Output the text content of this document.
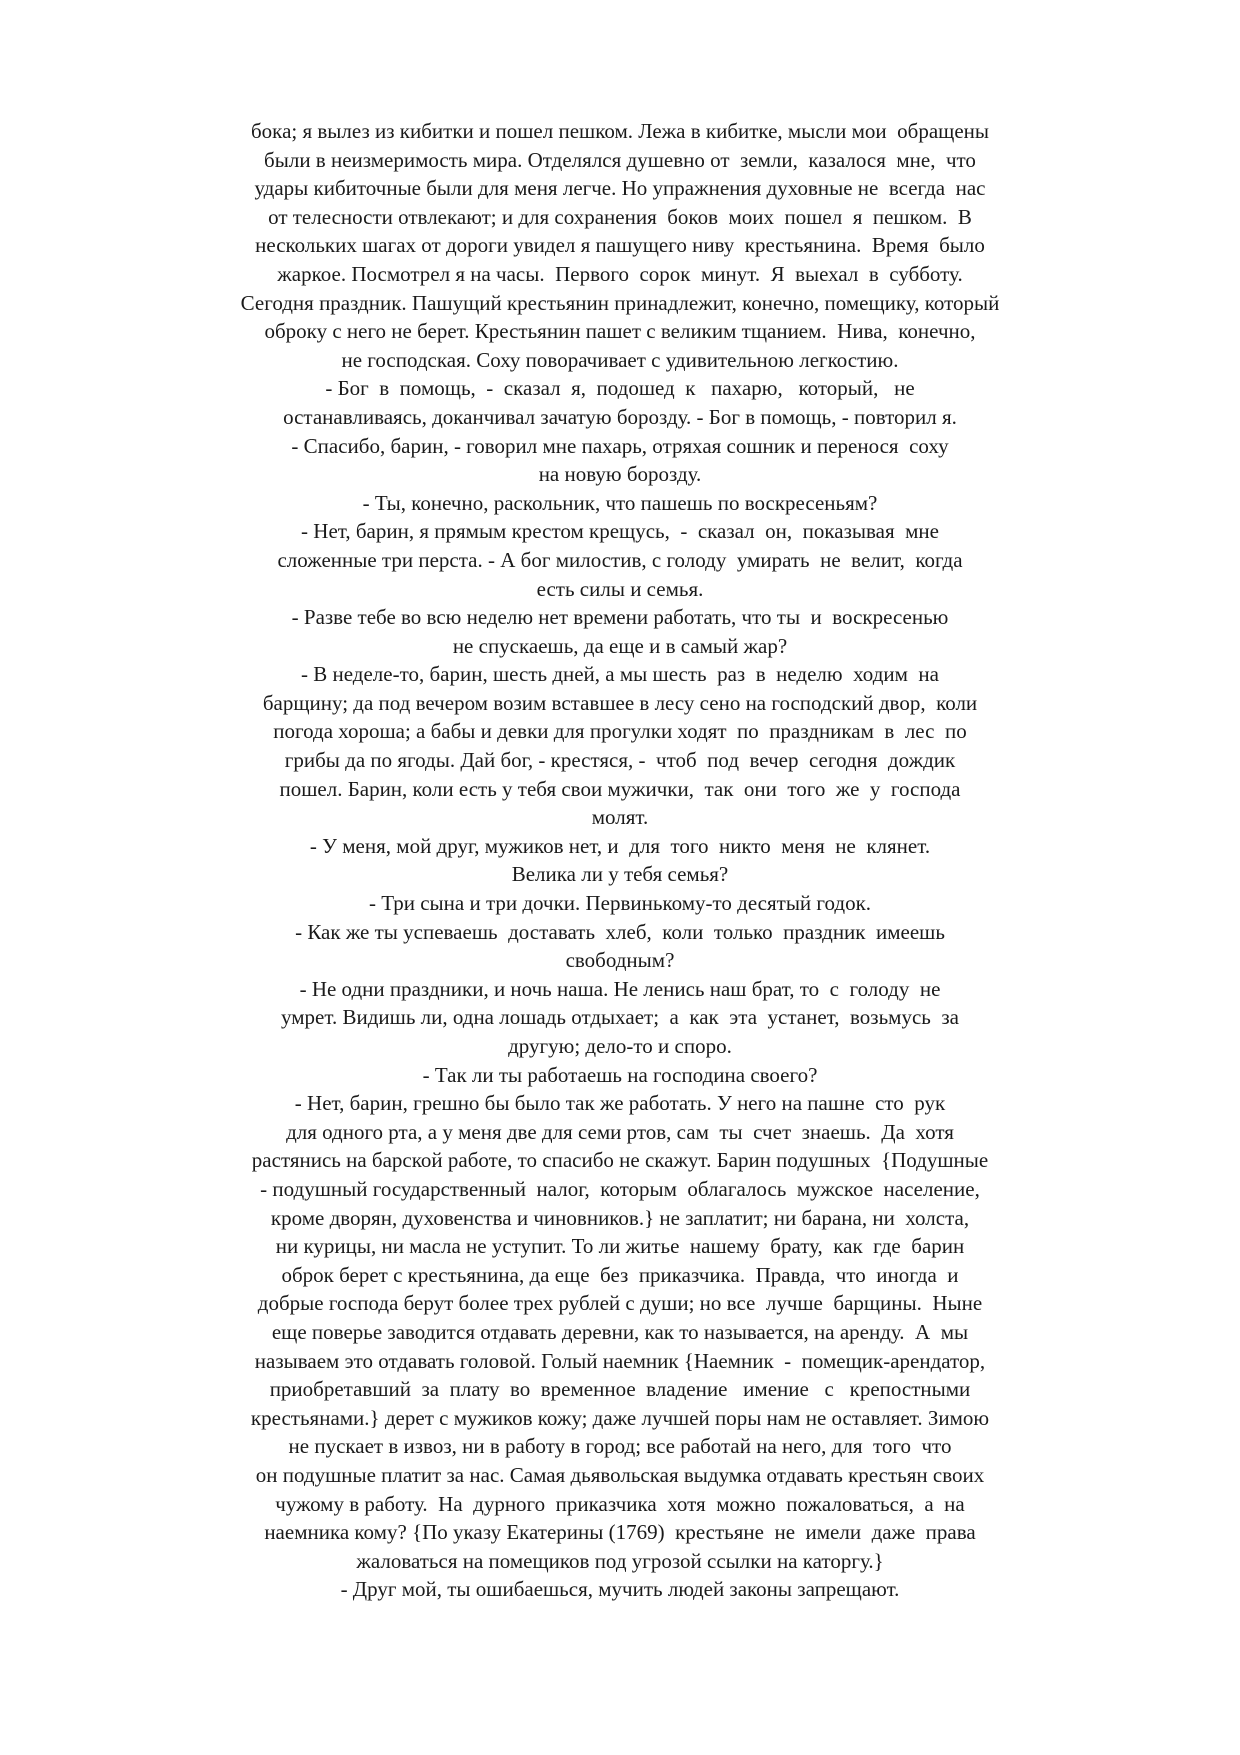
бока; я вылез из кибитки и пошел пешком. Лежа в кибитке, мысли мои  обращены
были в неизмеримость мира. Отделялся душевно от  земли,  казалося  мне,  что
удары кибиточные были для меня легче. Но упражнения духовные не  всегда  нас
от телесности отвлекают; и для сохранения  боков  моих  пошел  я  пешком.  В
нескольких шагах от дороги увидел я пашущего ниву  крестьянина.  Время  было
жаркое. Посмотрел я на часы.  Первого  сорок  минут.  Я  выехал  в  субботу.
Сегодня праздник. Пашущий крестьянин принадлежит, конечно, помещику, который
оброку с него не берет. Крестьянин пашет с великим тщанием.  Нива,  конечно,
не господская. Соху поворачивает с удивительною легкостию.
- Бог  в  помощь,  -  сказал  я,  подошед  к   пахарю,   который,   не
останавливаясь, доканчивал зачатую борозду. - Бог в помощь, - повторил я.
- Спасибо, барин, - говорил мне пахарь, отряхая сошник и перенося  соху
на новую борозду.
- Ты, конечно, раскольник, что пашешь по воскресеньям?
- Нет, барин, я прямым крестом крещусь,  -  сказал  он,  показывая  мне
сложенные три перста. - А бог милостив, с голоду  умирать  не  велит,  когда
есть силы и семья.
- Разве тебе во всю неделю нет времени работать, что ты  и  воскресенью
не спускаешь, да еще и в самый жар?
- В неделе-то, барин, шесть дней, а мы шесть  раз  в  неделю  ходим  на
барщину; да под вечером возим вставшее в лесу сено на господский двор,  коли
погода хороша; а бабы и девки для прогулки ходят  по  праздникам  в  лес  по
грибы да по ягоды. Дай бог, - крестяся, -  чтоб  под  вечер  сегодня  дождик
пошел. Барин, коли есть у тебя свои мужички,  так  они  того  же  у  господа
молят.
- У меня, мой друг, мужиков нет, и  для  того  никто  меня  не  клянет.
Велика ли у тебя семья?
- Три сына и три дочки. Первинькому-то десятый годок.
- Как же ты успеваешь  доставать  хлеб,  коли  только  праздник  имеешь
свободным?
- Не одни праздники, и ночь наша. Не ленись наш брат, то  с  голоду  не
умрет. Видишь ли, одна лошадь отдыхает;  а  как  эта  устанет,  возьмусь  за
другую; дело-то и споро.
- Так ли ты работаешь на господина своего?
- Нет, барин, грешно бы было так же работать. У него на пашне  сто  рук
для одного рта, а у меня две для семи ртов, сам  ты  счет  знаешь.  Да  хотя
растянись на барской работе, то спасибо не скажут. Барин подушных  {Подушные
- подушный государственный  налог,  которым  облагалось  мужское  население,
кроме дворян, духовенства и чиновников.} не заплатит; ни барана, ни  холста,
ни курицы, ни масла не уступит. То ли житье  нашему  брату,  как  где  барин
оброк берет с крестьянина, да еще  без  приказчика.  Правда,  что  иногда  и
добрые господа берут более трех рублей с души; но все  лучше  барщины.  Ныне
еще поверье заводится отдавать деревни, как то называется, на аренду.  А  мы
называем это отдавать головой. Голый наемник {Наемник  -  помещик-арендатор,
приобретавший  за  плату  во  временное  владение   имение   с   крепостными
крестьянами.} дерет с мужиков кожу; даже лучшей поры нам не оставляет. Зимою
не пускает в извоз, ни в работу в город; все работай на него, для  того  что
он подушные платит за нас. Самая дьявольская выдумка отдавать крестьян своих
чужому в работу.  На  дурного  приказчика  хотя  можно  пожаловаться,  а  на
наемника кому? {По указу Екатерины (1769)  крестьяне  не  имели  даже  права
жаловаться на помещиков под угрозой ссылки на каторгу.}
- Друг мой, ты ошибаешься, мучить людей законы запрещают.
